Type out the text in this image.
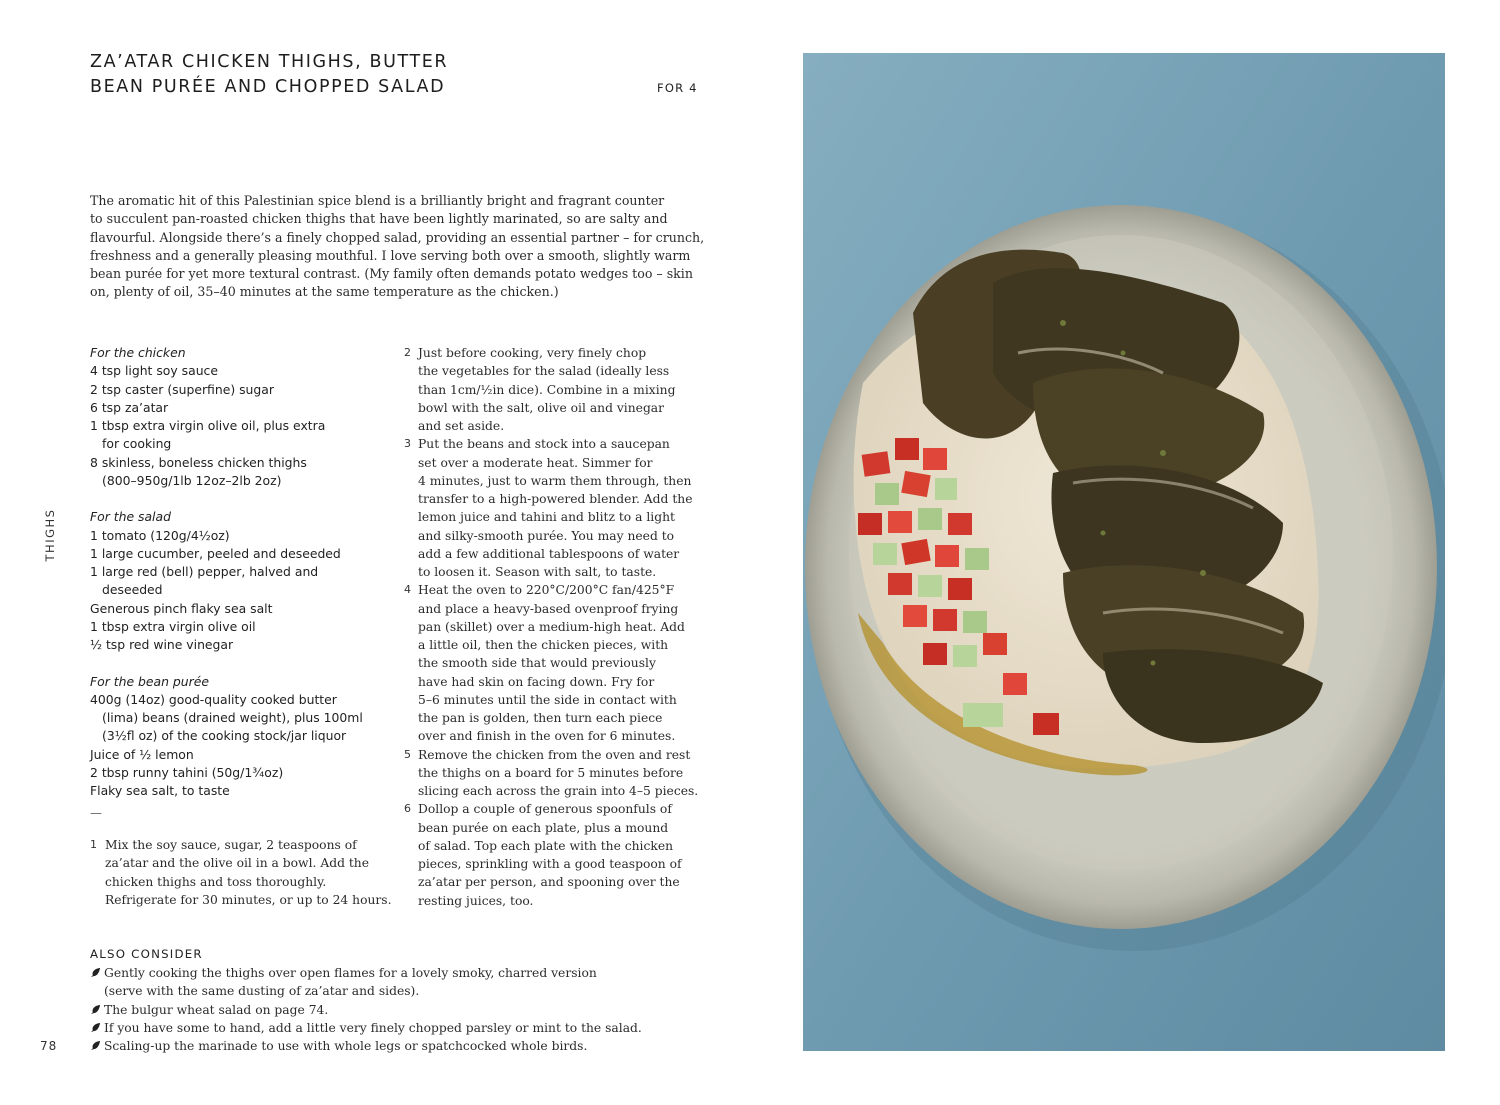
ZA’ATAR CHICKEN THIGHS, BUTTER
BEAN PURÉE AND CHOPPED SALAD	FOR 4

The aromatic hit of this Palestinian spice blend is a brilliantly bright and fragrant counter
to succulent pan-roasted chicken thighs that have been lightly marinated, so are salty and
flavourful. Alongside there’s a finely chopped salad, providing an essential partner – for crunch,
freshness and a generally pleasing mouthful. I love serving both over a smooth, slightly warm
bean purée for yet more textural contrast. (My family often demands potato wedges too – skin
on, plenty of oil, 35–40 minutes at the same temperature as the chicken.)

For the chicken
4 tsp light soy sauce
2 tsp caster (superfine) sugar
6 tsp za’atar
1 tbsp extra virgin olive oil, plus extra
for cooking
8 skinless, boneless chicken thighs
(800–950g/1lb 12oz–2lb 2oz)
For the salad
1 tomato (120g/4½oz)
1 large cucumber, peeled and deseeded
1 large red (bell) pepper, halved and
deseeded
Generous pinch flaky sea salt
1 tbsp extra virgin olive oil
½ tsp red wine vinegar
For the bean purée
400g (14oz) good-quality cooked butter
(lima) beans (drained weight), plus 100ml
(3½fl oz) of the cooking stock/jar liquor
Juice of ½ lemon
2 tbsp runny tahini (50g/1¾oz)
Flaky sea salt, to taste
—
1 Mix the soy sauce, sugar, 2 teaspoons of
za’atar and the olive oil in a bowl. Add the
chicken thighs and toss thoroughly.
Refrigerate for 30 minutes, or up to 24 hours.
2 Just before cooking, very finely chop
the vegetables for the salad (ideally less
than 1cm/½in dice). Combine in a mixing
bowl with the salt, olive oil and vinegar
and set aside.
3 Put the beans and stock into a saucepan
set over a moderate heat. Simmer for
4 minutes, just to warm them through, then
transfer to a high-powered blender. Add the
lemon juice and tahini and blitz to a light
and silky-smooth purée. You may need to
add a few additional tablespoons of water
to loosen it. Season with salt, to taste.
4 Heat the oven to 220°C/200°C fan/425°F
and place a heavy-based ovenproof frying
pan (skillet) over a medium-high heat. Add
a little oil, then the chicken pieces, with
the smooth side that would previously
have had skin on facing down. Fry for
5–6 minutes until the side in contact with
the pan is golden, then turn each piece
over and finish in the oven for 6 minutes.
5 Remove the chicken from the oven and rest
the thighs on a board for 5 minutes before
slicing each across the grain into 4–5 pieces.
6 Dollop a couple of generous spoonfuls of
bean purée on each plate, plus a mound
of salad. Top each plate with the chicken
pieces, sprinkling with a good teaspoon of
za’atar per person, and spooning over the
resting juices, too.
ALSO CONSIDER
Gently cooking the thighs over open flames for a lovely smoky, charred version
(serve with the same dusting of za’atar and sides).
The bulgur wheat salad on page 74.
If you have some to hand, add a little very finely chopped parsley or mint to the salad.
Scaling-up the marinade to use with whole legs or spatchcocked whole birds.
THIGHS
78
